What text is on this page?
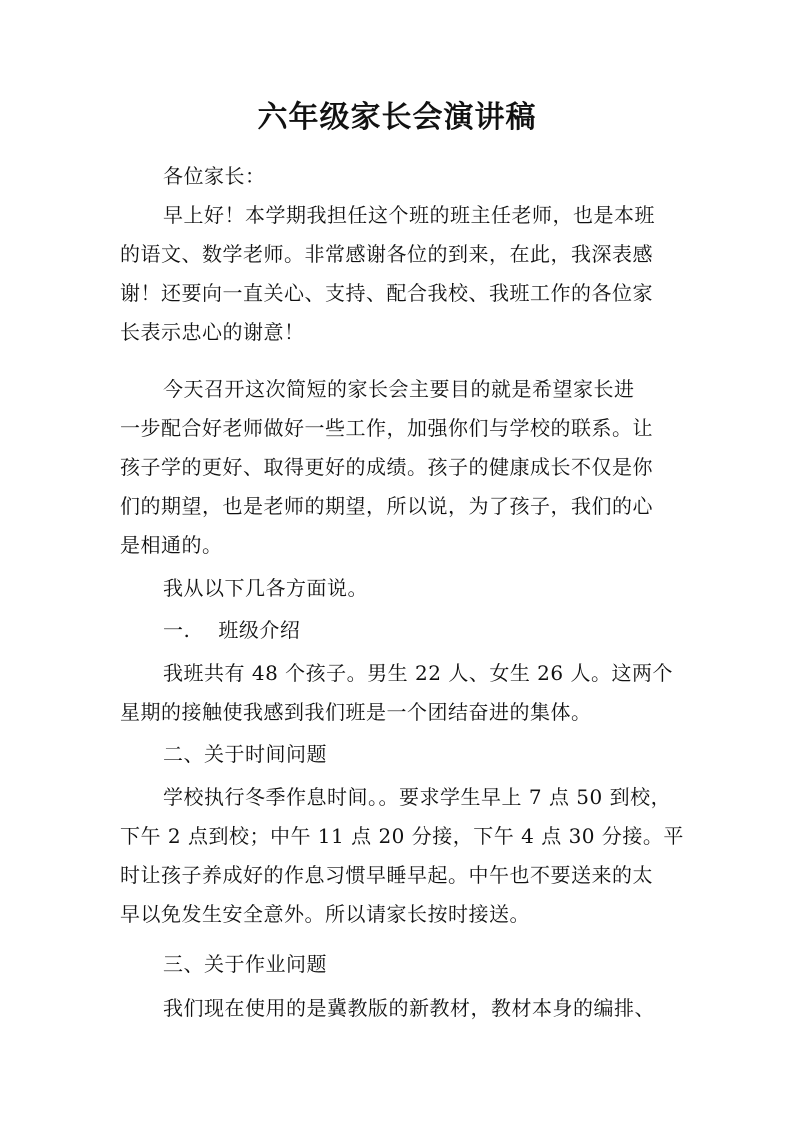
六年级家长会演讲稿
各位家长：
早上好！本学期我担任这个班的班主任老师，也是本班
的语文、数学老师。非常感谢各位的到来，在此，我深表感
谢！还要向一直关心、支持、配合我校、我班工作的各位家
长表示忠心的谢意！
今天召开这次简短的家长会主要目的就是希望家长进
一步配合好老师做好一些工作，加强你们与学校的联系。让
孩子学的更好、取得更好的成绩。孩子的健康成长不仅是你
们的期望，也是老师的期望，所以说，为了孩子，我们的心
是相通的。
我从以下几各方面说。
一. 班级介绍
我班共有 48 个孩子。男生 22 人、女生 26 人。这两个
星期的接触使我感到我们班是一个团结奋进的集体。
二、关于时间问题
学校执行冬季作息时间。。要求学生早上 7 点 50 到校，
下午 2 点到校；中午 11 点 20 分接，下午 4 点 30 分接。平
时让孩子养成好的作息习惯早睡早起。中午也不要送来的太
早以免发生安全意外。所以请家长按时接送。
三、关于作业问题
我们现在使用的是冀教版的新教材，教材本身的编排、
